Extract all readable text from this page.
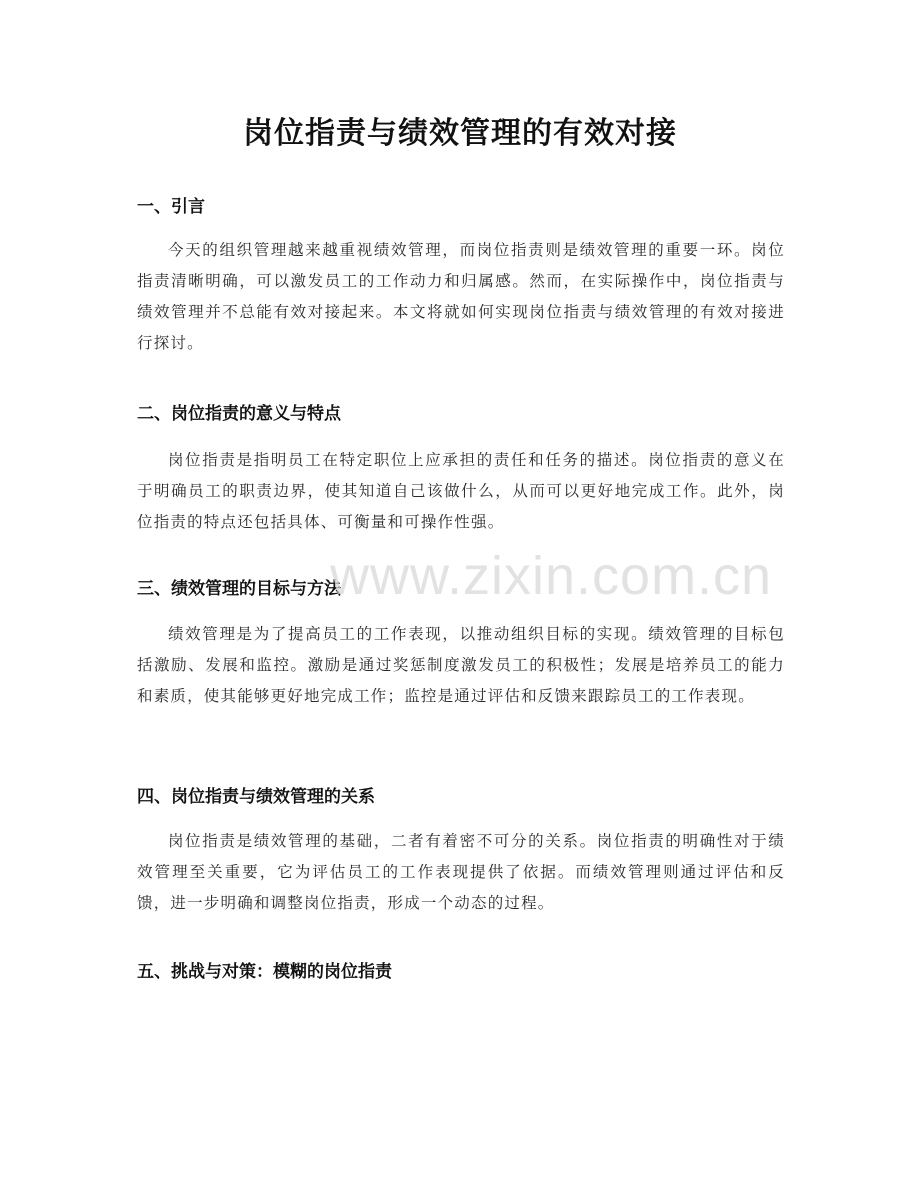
岗位指责与绩效管理的有效对接
一、引言
今天的组织管理越来越重视绩效管理，而岗位指责则是绩效管理的重要一环。岗位指责清晰明确，可以激发员工的工作动力和归属感。然而，在实际操作中，岗位指责与绩效管理并不总能有效对接起来。本文将就如何实现岗位指责与绩效管理的有效对接进行探讨。
二、岗位指责的意义与特点
岗位指责是指明员工在特定职位上应承担的责任和任务的描述。岗位指责的意义在于明确员工的职责边界，使其知道自己该做什么，从而可以更好地完成工作。此外，岗位指责的特点还包括具体、可衡量和可操作性强。
三、绩效管理的目标与方法
绩效管理是为了提高员工的工作表现，以推动组织目标的实现。绩效管理的目标包括激励、发展和监控。激励是通过奖惩制度激发员工的积极性；发展是培养员工的能力和素质，使其能够更好地完成工作；监控是通过评估和反馈来跟踪员工的工作表现。
四、岗位指责与绩效管理的关系
岗位指责是绩效管理的基础，二者有着密不可分的关系。岗位指责的明确性对于绩效管理至关重要，它为评估员工的工作表现提供了依据。而绩效管理则通过评估和反馈，进一步明确和调整岗位指责，形成一个动态的过程。
五、挑战与对策：模糊的岗位指责
www.zixin.com.cn
